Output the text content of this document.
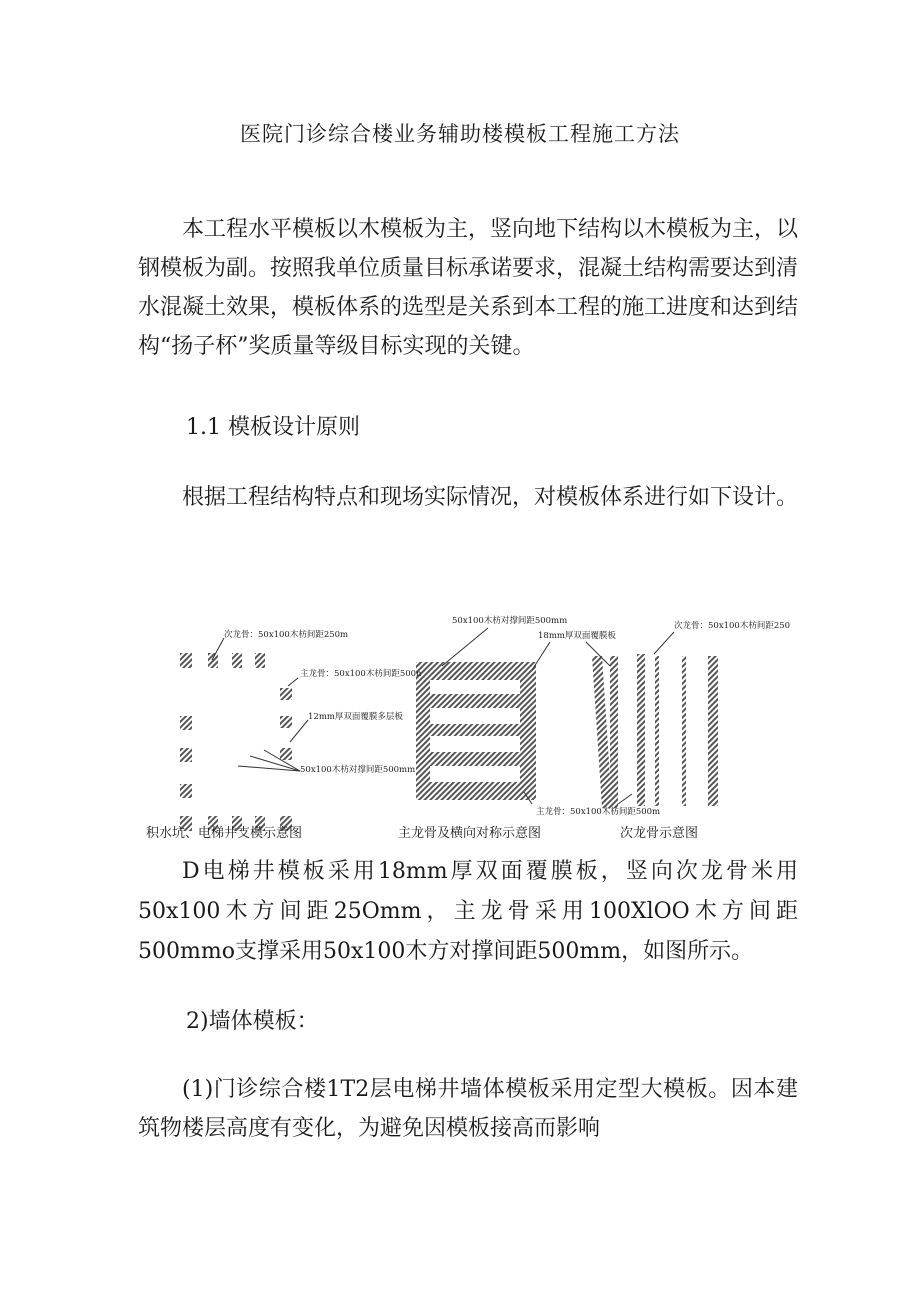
医院门诊综合楼业务辅助楼模板工程施工方法

本工程水平模板以木模板为主，竖向地下结构以木模板为主，以钢模板为副。按照我单位质量目标承诺要求，混凝土结构需要达到清水混凝土效果，模板体系的选型是关系到本工程的施工进度和达到结构“扬子杯”奖质量等级目标实现的关键。

1.1 模板设计原则

根据工程结构特点和现场实际情况，对模板体系进行如下设计。

次龙骨：50x100木枋间距250m
主龙骨：50x100木枋间距500n
12mm厚双面覆膜多层板
50x100木枋对撑间距500mm
50x100木枋对撑间距500mm
18mm厚双面覆膜板
次龙骨：50x100木枋间距250
主龙骨：50x100木枋间距500m
积水坑、电梯井支模示意图	主龙骨及横向对称示意图	次龙骨示意图

D电梯井模板采用18mm厚双面覆膜板，竖向次龙骨米用50x100木方间距25Omm，主龙骨采用100XlOO木方间距500mmo支撑采用50x100木方对撑间距500mm，如图所示。

2)墙体模板：

(1)门诊综合楼1T2层电梯井墙体模板采用定型大模板。因本建筑物楼层高度有变化，为避免因模板接高而影响
